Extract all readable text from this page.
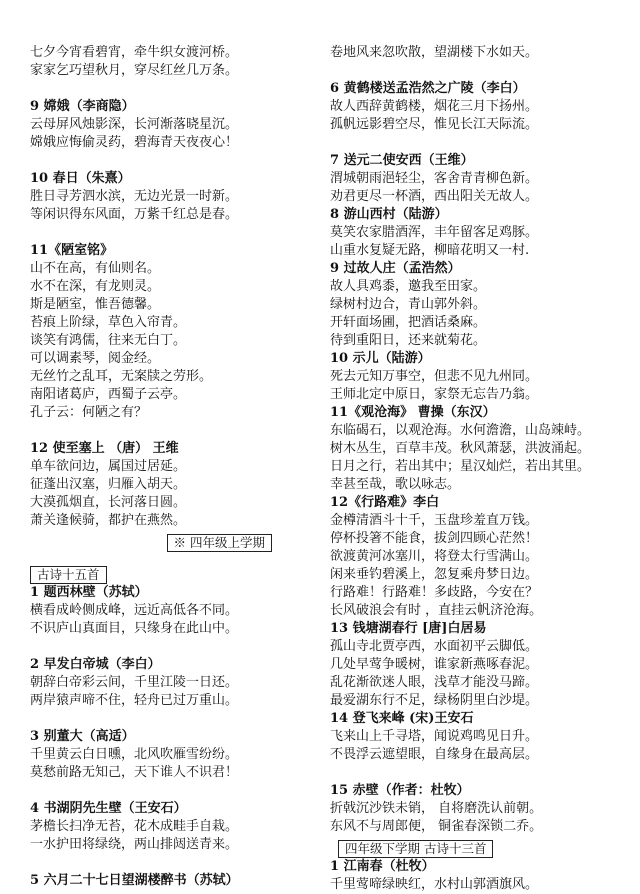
七夕今宵看碧宵，牵牛织女渡河桥。
家家乞巧望秋月，穿尽红丝几万条。
9 嫦娥（李商隐）
云母屏风烛影深，长河渐落晓星沉。
嫦娥应悔偷灵药，碧海青天夜夜心！
10 春日（朱熹）
胜日寻芳泗水滨，无边光景一时新。
等闲识得东风面，万紫千红总是春。
11《陋室铭》
山不在高，有仙则名。
水不在深，有龙则灵。
斯是陋室，惟吾德馨。
苔痕上阶绿，草色入帘青。
谈笑有鸿儒，往来无白丁。
可以调素琴，阅金经。
无丝竹之乱耳，无案牍之劳形。
南阳诸葛庐，西蜀子云亭。
孔子云：何陋之有？
12 使至塞上 （唐） 王维
单车欲问边，属国过居延。
征蓬出汉塞，归雁入胡天。
大漠孤烟直，长河落日圆。
萧关逢候骑，都护在燕然。
※ 四年级上学期
古诗十五首
1 题西林壁（苏轼）
横看成岭侧成峰，远近高低各不同。
不识庐山真面目，只缘身在此山中。
2 早发白帝城（李白）
朝辞白帝彩云间，千里江陵一日还。
两岸猿声啼不住，轻舟已过万重山。
3 别董大（高适）
千里黄云白日曛，北风吹雁雪纷纷。
莫愁前路无知己，天下谁人不识君！
4 书湖阴先生壁（王安石）
茅檐长扫净无苔，花木成畦手自栽。
一水护田将绿绕，两山排闼送青来。
5 六月二十七日望湖楼醉书（苏轼）
卷地风来忽吹散，望湖楼下水如天。
6 黄鹤楼送孟浩然之广陵（李白）
故人西辞黄鹤楼，烟花三月下扬州。
孤帆远影碧空尽，惟见长江天际流。
7 送元二使安西（王维）
渭城朝雨浥轻尘，客舍青青柳色新。
劝君更尽一杯酒，西出阳关无故人。
8 游山西村（陆游）
莫笑农家腊酒浑，丰年留客足鸡豚。
山重水复疑无路，柳暗花明又一村.
9 过故人庄（孟浩然）
故人具鸡黍，邀我至田家。
绿树村边合，青山郭外斜。
开轩面场圃，把酒话桑麻。
待到重阳日，还来就菊花。
10 示儿（陆游）
死去元知万事空，但悲不见九州同。
王师北定中原日，家祭无忘告乃翁。
11《观沧海》 曹操（东汉）
东临碣石，以观沧海。水何澹澹，山岛竦峙。
树木丛生，百草丰茂。秋风萧瑟，洪波涌起。
日月之行，若出其中；星汉灿烂，若出其里。
幸甚至哉，歌以咏志。
12《行路难》李白
金樽清酒斗十千，玉盘珍羞直万钱。
停杯投箸不能食，拔剑四顾心茫然！
欲渡黄河冰塞川，将登太行雪满山。
闲来垂钓碧溪上，忽复乘舟梦日边。
行路难！行路难！多歧路，今安在？
长风破浪会有时 ，直挂云帆济沧海。
13 钱塘湖春行 [唐]白居易
孤山寺北贾亭西，水面初平云脚低。
几处早莺争暖树，谁家新燕啄春泥。
乱花渐欲迷人眼，浅草才能没马蹄。
最爱湖东行不足，绿杨阴里白沙堤。
14 登飞来峰 (宋)王安石
飞来山上千寻塔，闻说鸡鸣见日升。
不畏浮云遮望眼，自缘身在最高层。
15 赤壁（作者：杜牧）
折戟沉沙铁未销， 自将磨洗认前朝。
东风不与周郎便， 铜雀春深锁二乔。
四年级下学期 古诗十三首
1 江南春（杜牧）
千里莺啼绿映红，水村山郭酒旗风。
